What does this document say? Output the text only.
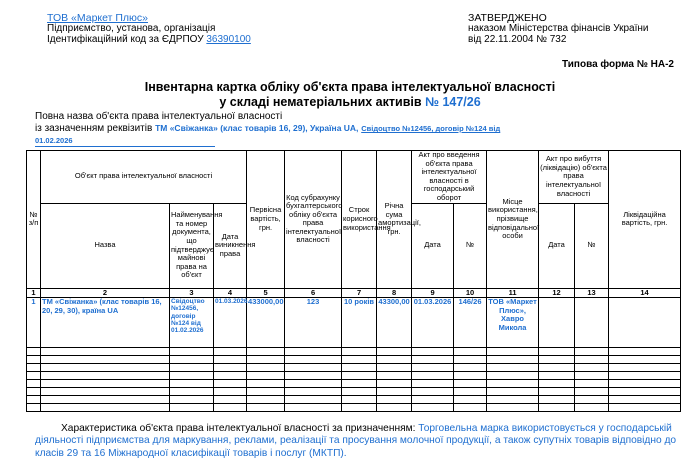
ТОВ «Маркет Плюс»
Підприємство, установа, організація
Ідентифікаційний код за ЄДРПОУ 36390100
ЗАТВЕРДЖЕНО
наказом Міністерства фінансів України
від 22.11.2004 № 732
Типова форма № НА-2
Інвентарна картка обліку об'єкта права інтелектуальної власності
у складі нематеріальних активів № 147/26
Повна назва об'єкта права інтелектуальної власності
із зазначенням реквізитів ТМ «Свіжанка» (клас товарів 16, 29), Україна UA, Свідоцтво №12456, договір №124 від
01.02.2026
№ з/п	Об'єкт права інтелектуальної власності			Первісна вартість, грн.	Код субрахунку бухгалтерського обліку об'єкта права інтелектуальної власності	Строк корисного використання	Річна сума амортизації, грн.	Акт про введення об'єкта права інтелектуальної власності в господарський оборот		Місце використання, прізвище відповідальної особи	Акт про вибуття (ліквідацію) об'єкта права інтелектуальної власності		Ліквідаційна вартість, грн.
	Назва	Найменування та номер документа, що підтверджує майнові права на об'єкт	Дата виникнення права					Дата	№		Дата	№	
1	2	3	4	5	6	7	8	9	10	11	12	13	14
1	ТМ «Свіжанка» (клас товарів 16, 20, 29, 30), країна UA	Свідоцтво №12456, договір №124 від 01.02.2026	01.03.2026	433000,00	123	10 років	43300,00	01.03.2026	146/26	ТОВ «Маркет Плюс», Хавро Микола			

Характеристика об'єкта права інтелектуальної власності за призначенням: Торговельна марка використовується у господарській діяльності підприємства для маркування, реклами, реалізації та просування молочної продукції, а також супутніх товарів відповідно до класів 29 та 16 Міжнародної класифікації товарів і послуг (МКТП).
